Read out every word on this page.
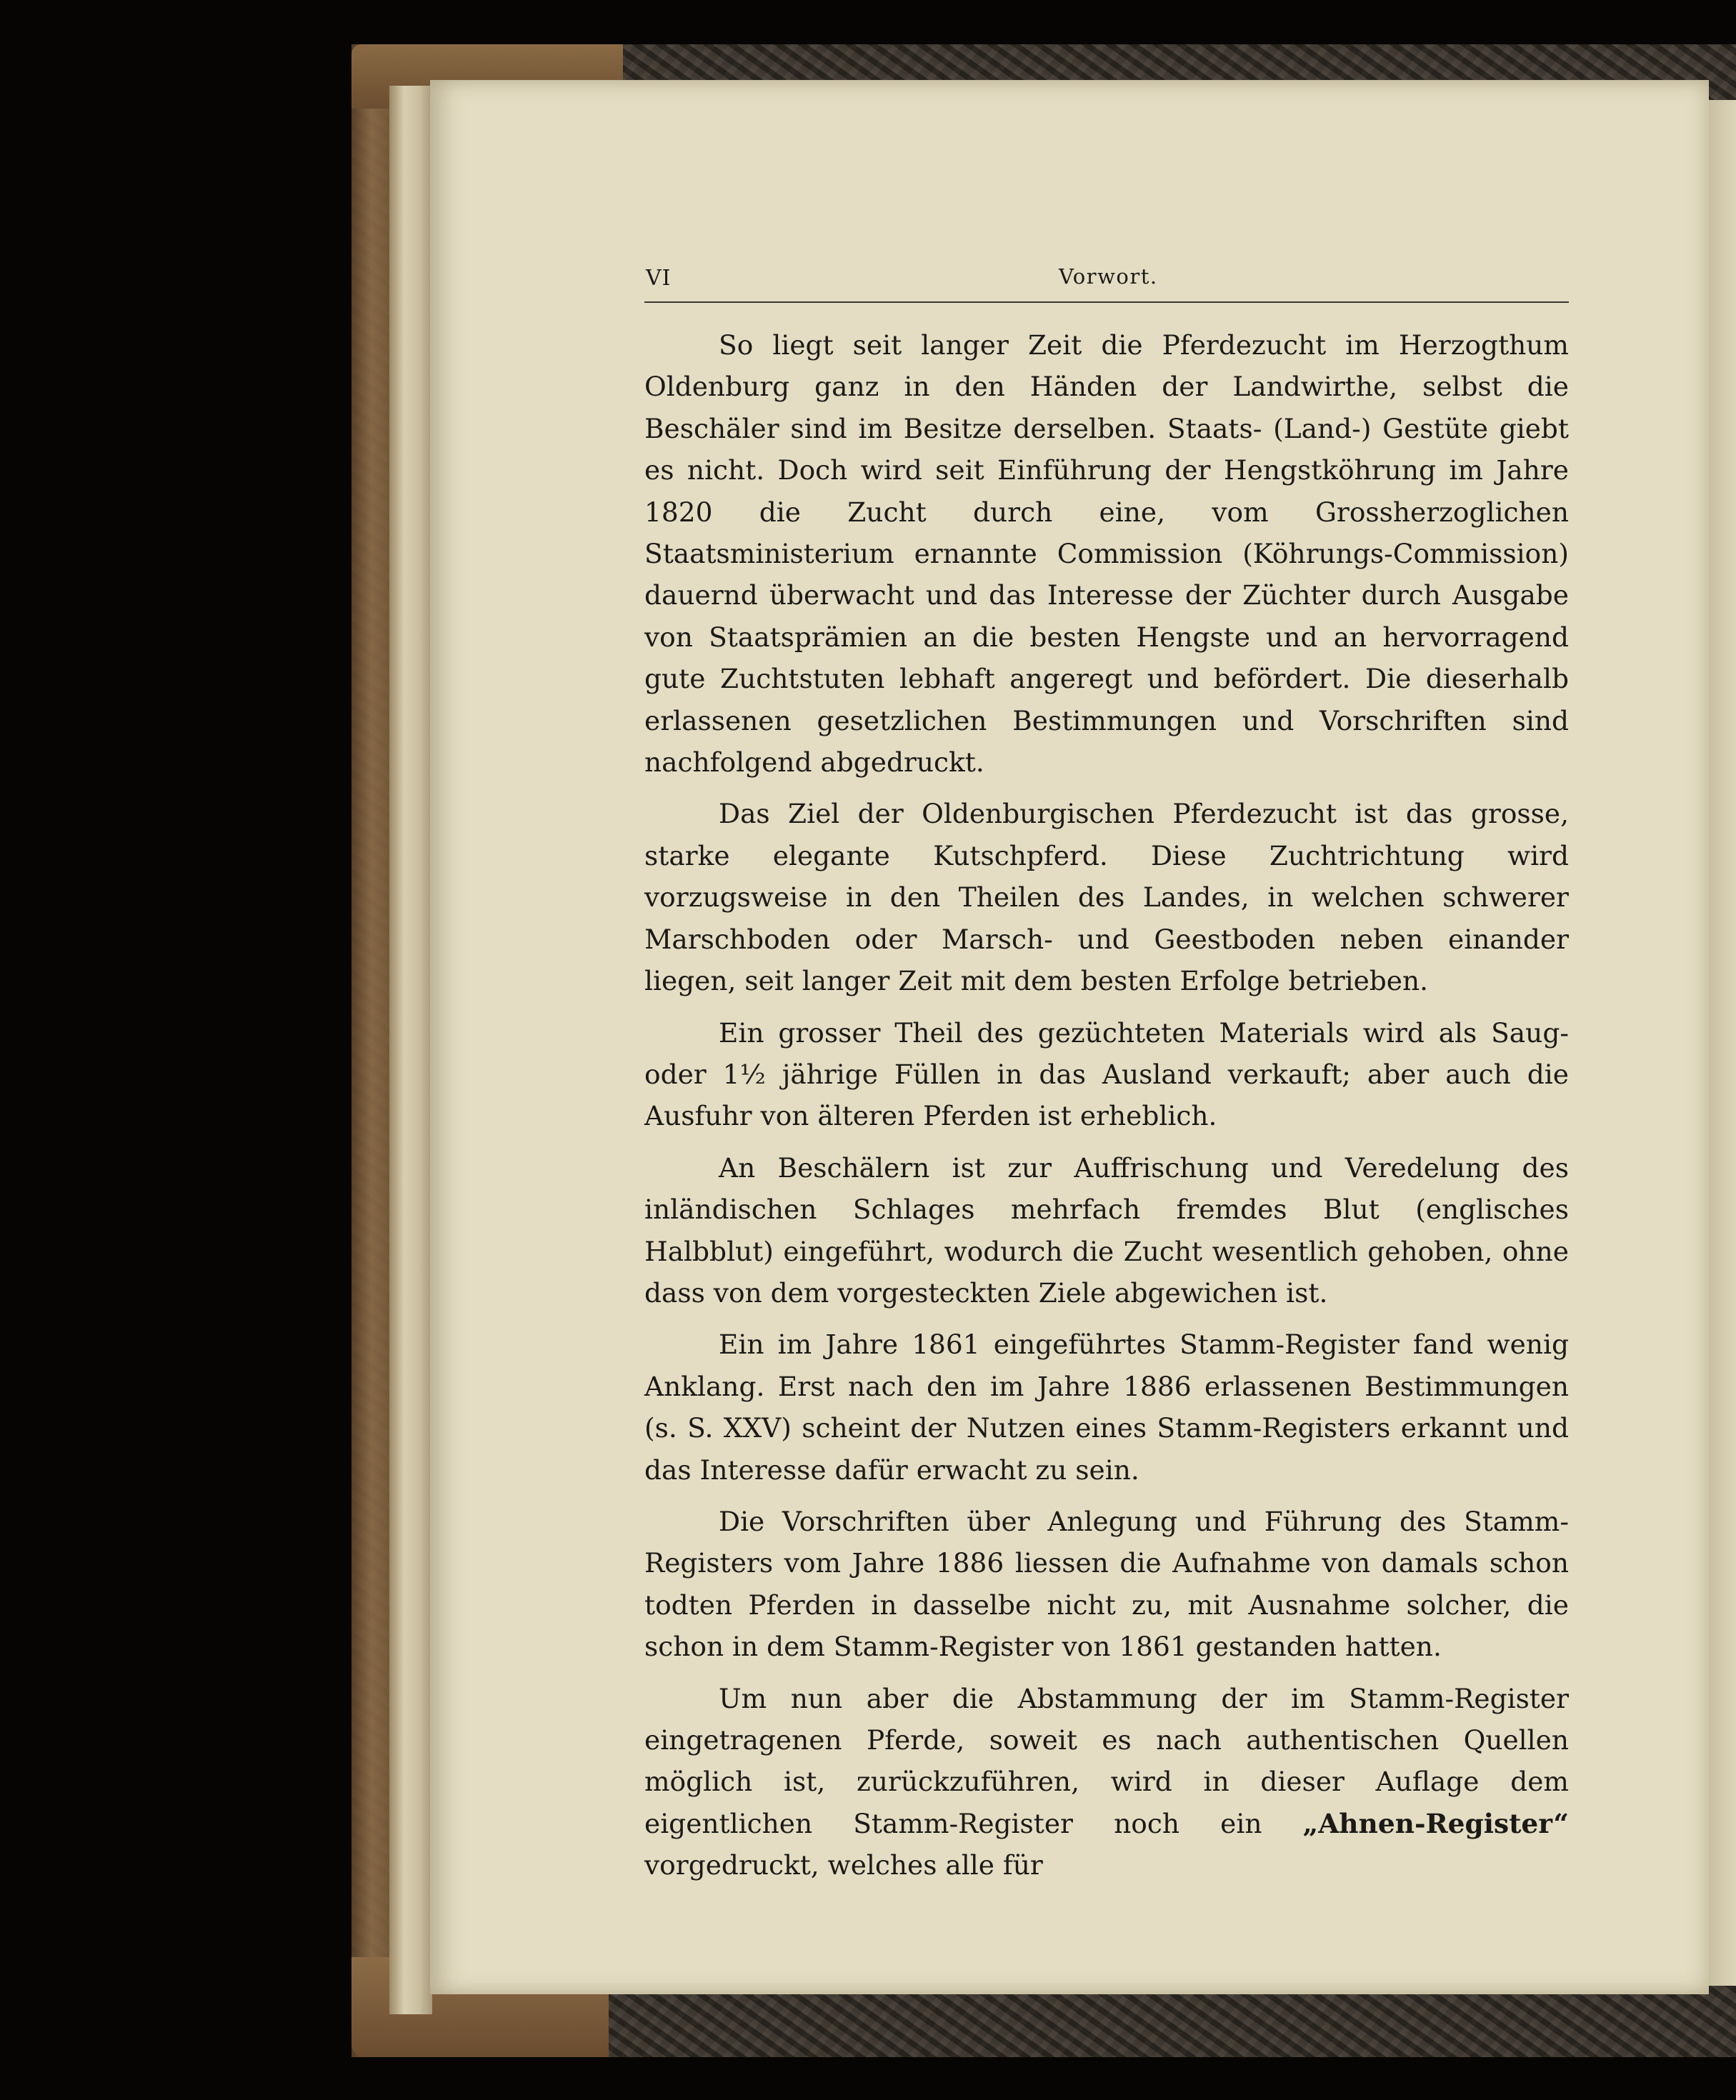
VI	Vorwort.

So liegt seit langer Zeit die Pferdezucht im Herzogthum Oldenburg ganz in den Händen der Landwirthe, selbst die Beschäler sind im Besitze derselben. Staats- (Land-) Gestüte giebt es nicht. Doch wird seit Einführung der Hengstköhrung im Jahre 1820 die Zucht durch eine, vom Grossherzoglichen Staatsministerium ernannte Commission (Köhrungs-Commission) dauernd überwacht und das Interesse der Züchter durch Ausgabe von Staatsprämien an die besten Hengste und an hervorragend gute Zuchtstuten lebhaft angeregt und befördert. Die dieserhalb erlassenen gesetzlichen Bestimmungen und Vorschriften sind nachfolgend abgedruckt.

Das Ziel der Oldenburgischen Pferdezucht ist das grosse, starke elegante Kutschpferd. Diese Zuchtrichtung wird vorzugsweise in den Theilen des Landes, in welchen schwerer Marschboden oder Marsch- und Geestboden neben einander liegen, seit langer Zeit mit dem besten Erfolge betrieben.

Ein grosser Theil des gezüchteten Materials wird als Saug- oder 1½ jährige Füllen in das Ausland verkauft; aber auch die Ausfuhr von älteren Pferden ist erheblich.

An Beschälern ist zur Auffrischung und Veredelung des inländischen Schlages mehrfach fremdes Blut (englisches Halbblut) eingeführt, wodurch die Zucht wesentlich gehoben, ohne dass von dem vorgesteckten Ziele abgewichen ist.

Ein im Jahre 1861 eingeführtes Stamm-Register fand wenig Anklang. Erst nach den im Jahre 1886 erlassenen Bestimmungen (s. S. XXV) scheint der Nutzen eines Stamm-Registers erkannt und das Interesse dafür erwacht zu sein.

Die Vorschriften über Anlegung und Führung des Stamm-Registers vom Jahre 1886 liessen die Aufnahme von damals schon todten Pferden in dasselbe nicht zu, mit Ausnahme solcher, die schon in dem Stamm-Register von 1861 gestanden hatten.

Um nun aber die Abstammung der im Stamm-Register eingetragenen Pferde, soweit es nach authentischen Quellen möglich ist, zurückzuführen, wird in dieser Auflage dem eigentlichen Stamm-Register noch ein „Ahnen-Register“ vorgedruckt, welches alle für
